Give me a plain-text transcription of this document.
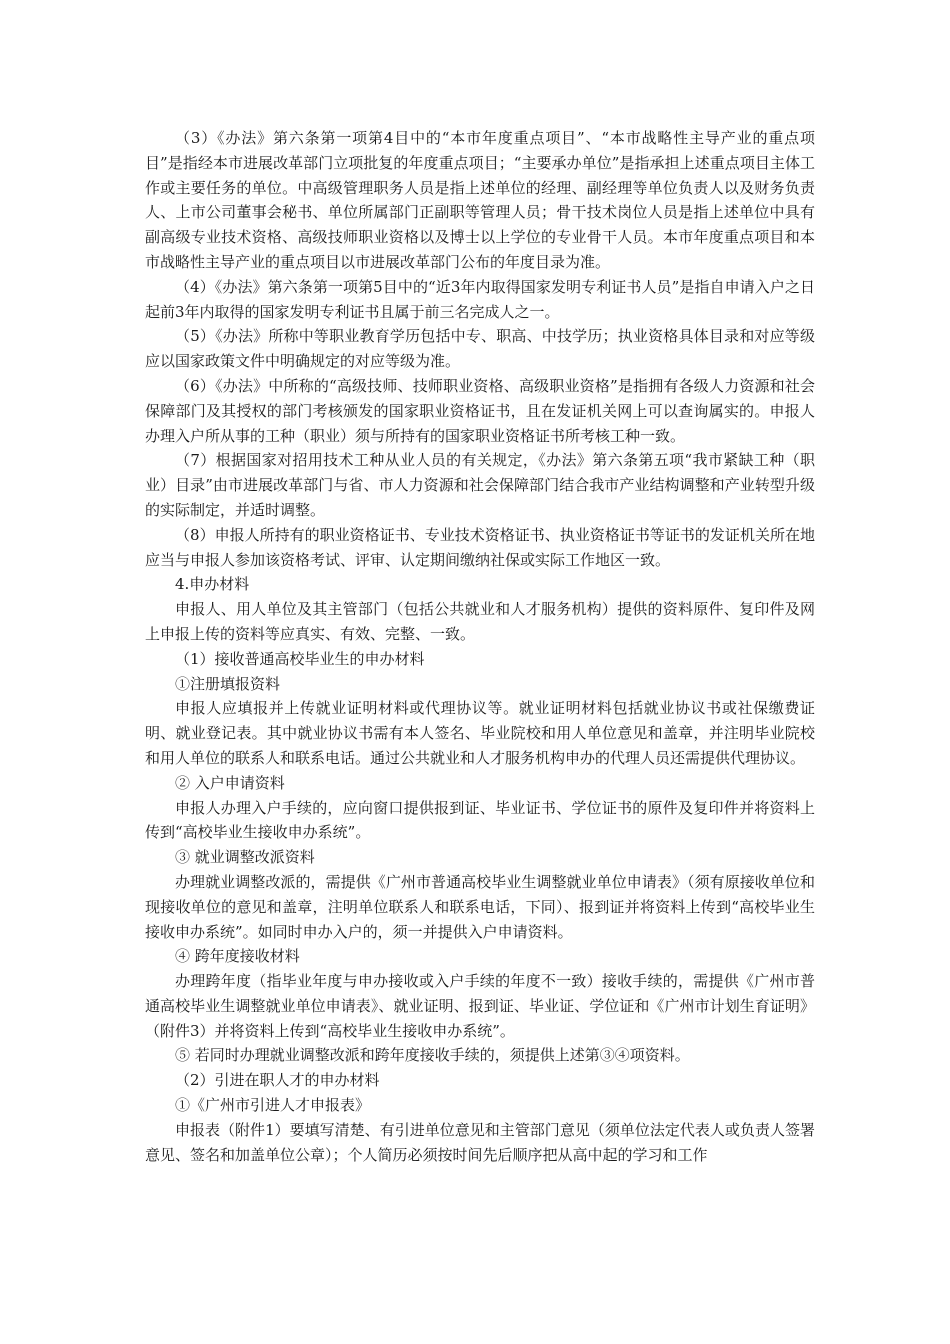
（3）《办法》第六条第一项第4目中的“本市年度重点项目”、“本市战略性主导产业的重点项目”是指经本市进展改革部门立项批复的年度重点项目；“主要承办单位”是指承担上述重点项目主体工作或主要任务的单位。中高级管理职务人员是指上述单位的经理、副经理等单位负责人以及财务负责人、上市公司董事会秘书、单位所属部门正副职等管理人员；骨干技术岗位人员是指上述单位中具有副高级专业技术资格、高级技师职业资格以及博士以上学位的专业骨干人员。本市年度重点项目和本市战略性主导产业的重点项目以市进展改革部门公布的年度目录为准。

（4）《办法》第六条第一项第5目中的“近3年内取得国家发明专利证书人员”是指自申请入户之日起前3年内取得的国家发明专利证书且属于前三名完成人之一。

（5）《办法》所称中等职业教育学历包括中专、职高、中技学历；执业资格具体目录和对应等级应以国家政策文件中明确规定的对应等级为准。

（6）《办法》中所称的“高级技师、技师职业资格、高级职业资格”是指拥有各级人力资源和社会保障部门及其授权的部门考核颁发的国家职业资格证书，且在发证机关网上可以查询属实的。申报人办理入户所从事的工种（职业）须与所持有的国家职业资格证书所考核工种一致。

（7）根据国家对招用技术工种从业人员的有关规定，《办法》第六条第五项“我市紧缺工种（职业）目录”由市进展改革部门与省、市人力资源和社会保障部门结合我市产业结构调整和产业转型升级的实际制定，并适时调整。

（8）申报人所持有的职业资格证书、专业技术资格证书、执业资格证书等证书的发证机关所在地应当与申报人参加该资格考试、评审、认定期间缴纳社保或实际工作地区一致。

4.申办材料

申报人、用人单位及其主管部门（包括公共就业和人才服务机构）提供的资料原件、复印件及网上申报上传的资料等应真实、有效、完整、一致。

（1）接收普通高校毕业生的申办材料

①注册填报资料

申报人应填报并上传就业证明材料或代理协议等。就业证明材料包括就业协议书或社保缴费证明、就业登记表。其中就业协议书需有本人签名、毕业院校和用人单位意见和盖章，并注明毕业院校和用人单位的联系人和联系电话。通过公共就业和人才服务机构申办的代理人员还需提供代理协议。

② 入户申请资料

申报人办理入户手续的，应向窗口提供报到证、毕业证书、学位证书的原件及复印件并将资料上传到“高校毕业生接收申办系统”。

③ 就业调整改派资料

办理就业调整改派的，需提供《广州市普通高校毕业生调整就业单位申请表》（须有原接收单位和现接收单位的意见和盖章，注明单位联系人和联系电话，下同）、报到证并将资料上传到“高校毕业生接收申办系统”。如同时申办入户的，须一并提供入户申请资料。

④ 跨年度接收材料

办理跨年度（指毕业年度与申办接收或入户手续的年度不一致）接收手续的，需提供《广州市普通高校毕业生调整就业单位申请表》、就业证明、报到证、毕业证、学位证和《广州市计划生育证明》（附件3）并将资料上传到“高校毕业生接收申办系统”。

⑤ 若同时办理就业调整改派和跨年度接收手续的，须提供上述第③④项资料。

（2）引进在职人才的申办材料

①《广州市引进人才申报表》

申报表（附件1）要填写清楚、有引进单位意见和主管部门意见（须单位法定代表人或负责人签署意见、签名和加盖单位公章）；个人简历必须按时间先后顺序把从高中起的学习和工作
